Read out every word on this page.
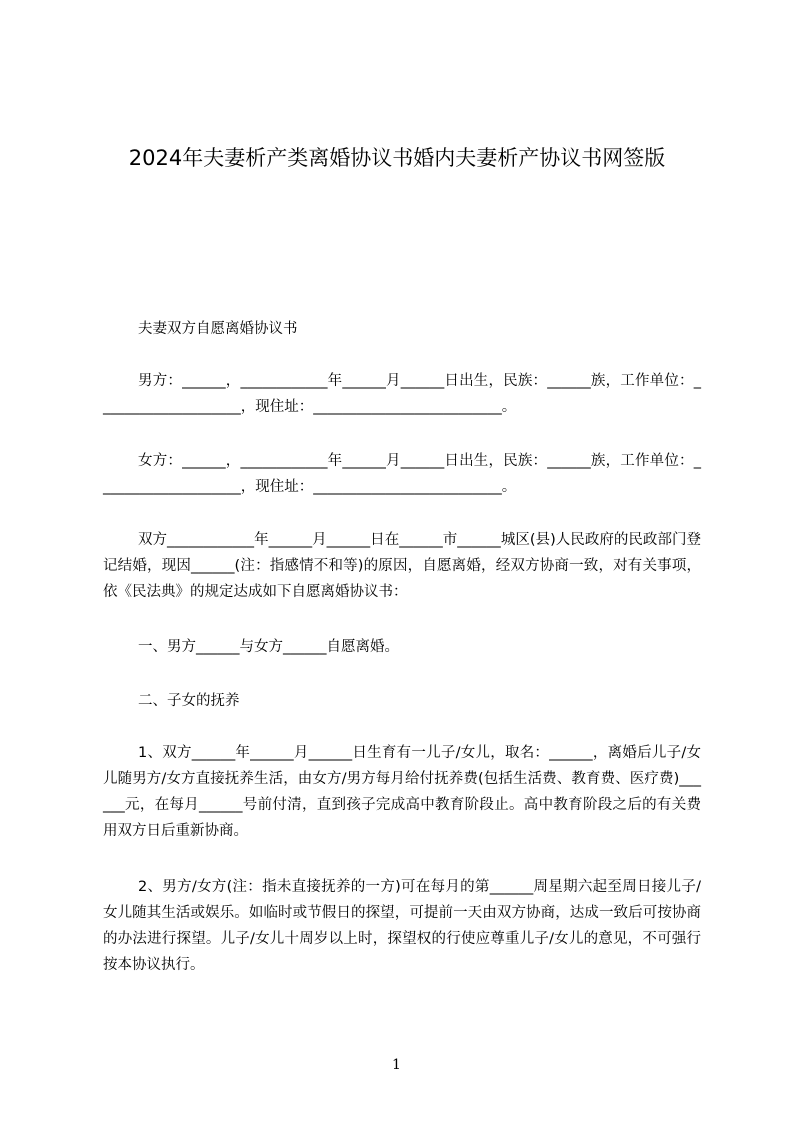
2024年夫妻析产类离婚协议书婚内夫妻析产协议书网签版

夫妻双方自愿离婚协议书

男方：______，____________年______月______日出生，民族：______族，工作单位：____________________，现住址：__________________________。

女方：______，____________年______月______日出生，民族：______族，工作单位：____________________，现住址：__________________________。

双方____________年______月______日在______市______城区(县)人民政府的民政部门登记结婚，现因______(注：指感情不和等)的原因，自愿离婚，经双方协商一致，对有关事项，依《民法典》的规定达成如下自愿离婚协议书：

一、男方______与女方______自愿离婚。

二、子女的抚养

1、双方______年______月______日生育有一儿子/女儿，取名：______，离婚后儿子/女儿随男方/女方直接抚养生活，由女方/男方每月给付抚养费(包括生活费、教育费、医疗费)______元，在每月______号前付清，直到孩子完成高中教育阶段止。高中教育阶段之后的有关费用双方日后重新协商。

2、男方/女方(注：指未直接抚养的一方)可在每月的第______周星期六起至周日接儿子/女儿随其生活或娱乐。如临时或节假日的探望，可提前一天由双方协商，达成一致后可按协商的办法进行探望。儿子/女儿十周岁以上时，探望权的行使应尊重儿子/女儿的意见，不可强行按本协议执行。

1
